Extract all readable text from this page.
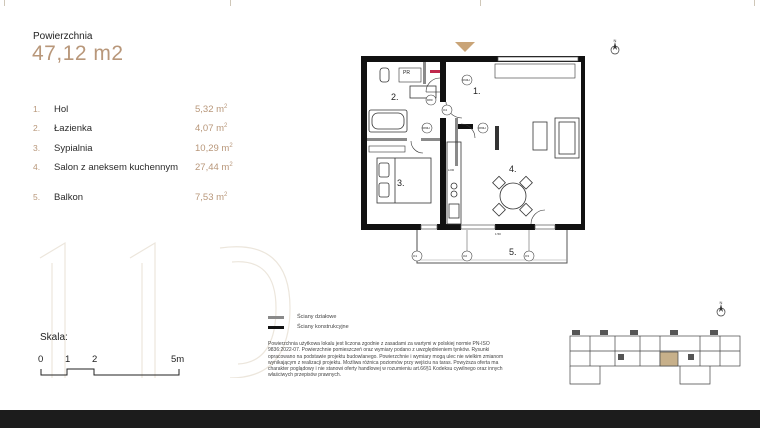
Powierzchnia
47,12 m2
1. Hol	5,32 $m^2$
2. Łazienka	4,07 $m^2$
3. Sypialnia	10,29 $m^2$
4. Salon z aneksem kuchennym 27,44 $m^2$
5. Balkon	7,53 $m^2$
1.
2.
3.
4.
5.
PR
D80
D90H
D80H	D80H
O1	O2	O3
O4
LOD
1:50
N
Ściany działowe
Ściany konstrukcyjne
Powierzchnia użytkowa lokalu jest liczona zgodnie z zasadami za wartymi w polskiej normie PN-ISO 9836:2022-07. Powierzchnie pomieszczeń oraz wymiary podano z uwzględnieniem tynków. Rysunki opracowano na podstawie projektu budowlanego. Powierzchnie i wymiary mogą ulec nie wielkim zmianom wynikającym z realizacji projektu. Możliwa różnica poziomów przy wejściu na taras. Powyższa oferta ma charakter poglądowy i nie stanowi oferty handlowej w rozumieniu art.66§1 Kodeksu cywilnego oraz innych właściwych przepisów prawnych.
Skala:
0 1 2	5m
N
